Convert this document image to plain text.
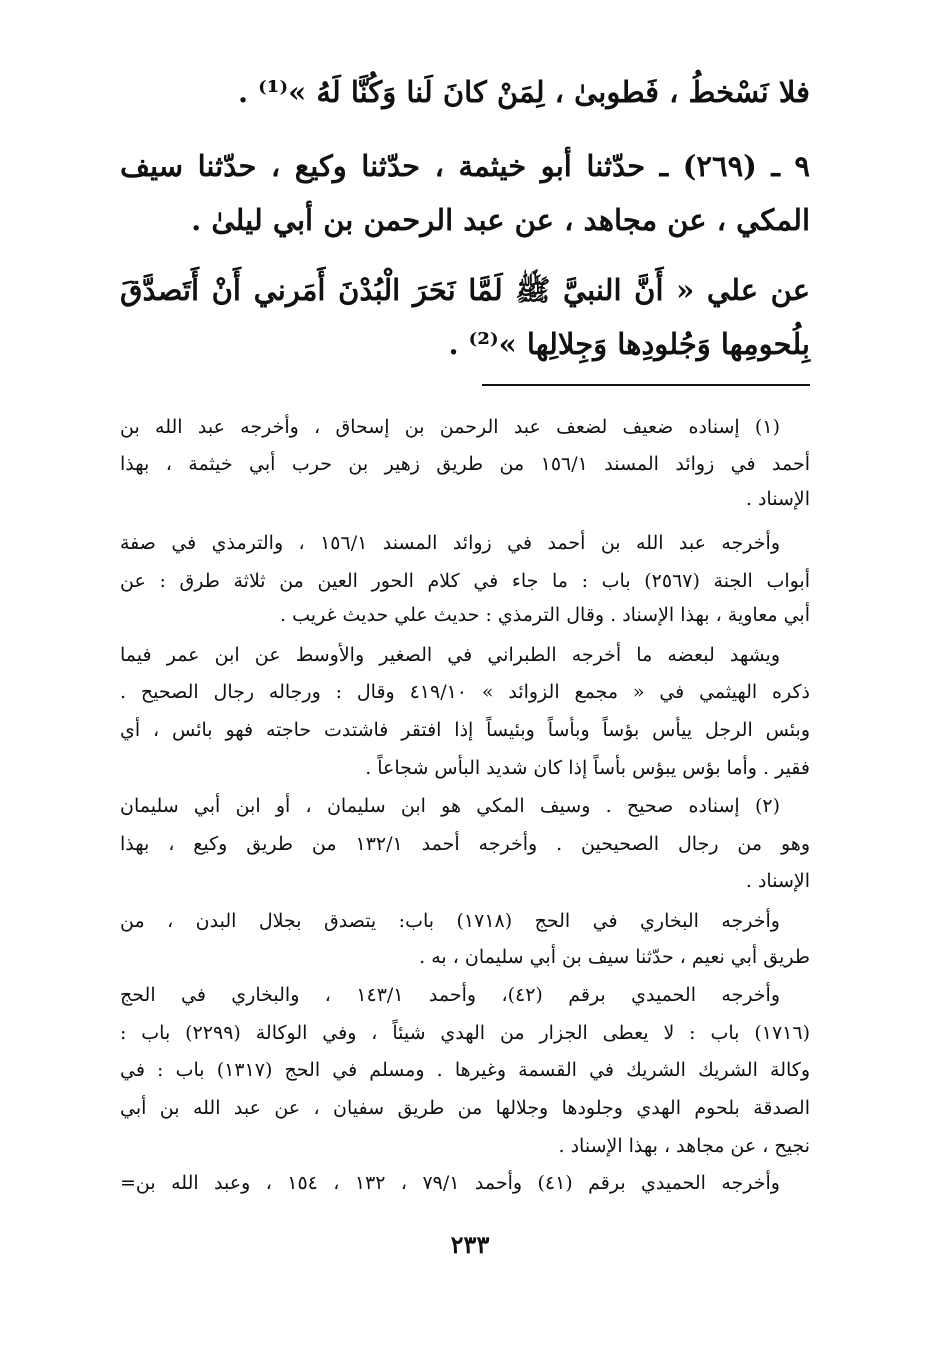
فلا نَسْخطُ ، فَطوبىٰ ، لِمَنْ كانَ لَنا وَكُنَّا لَهُ »⁽¹⁾ .
٩ ـ (٢٦٩) ـ حدّثنا أبو خيثمة ، حدّثنا وكيع ، حدّثنا سيف
المكي ، عن مجاهد ، عن عبد الرحمن بن أبي ليلىٰ .
عن علي « أَنَّ النبيَّ ﷺ لَمَّا نَحَرَ الْبُدْنَ أَمَرني أَنْ أَتَصدَّقَ
بِلُحومِها وَجُلودِها وَجِلالِها »⁽²⁾ .
(١) إسناده ضعيف لضعف عبد الرحمن بن إسحاق ، وأخرجه عبد الله بن
أحمد في زوائد المسند ١٥٦/١ من طريق زهير بن حرب أبي خيثمة ، بهذا
الإسناد .
وأخرجه عبد الله بن أحمد في زوائد المسند ١٥٦/١ ، والترمذي في صفة
أبواب الجنة (٢٥٦٧) باب : ما جاء في كلام الحور العين من ثلاثة طرق : عن
أبي معاوية ، بهذا الإسناد . وقال الترمذي : حديث علي حديث غريب .
ويشهد لبعضه ما أخرجه الطبراني في الصغير والأوسط عن ابن عمر فيما
ذكره الهيثمي في « مجمع الزوائد » ٤١٩/١٠ وقال : ورجاله رجال الصحيح .
وبئس الرجل ييأس بؤساً وبأساً وبئيساً إذا افتقر فاشتدت حاجته فهو بائس ، أي
فقير . وأما بؤس يبؤس بأساً إذا كان شديد البأس شجاعاً .
(٢) إسناده صحيح . وسيف المكي هو ابن سليمان ، أو ابن أبي سليمان
وهو من رجال الصحيحين . وأخرجه أحمد ١٣٢/١ من طريق وكيع ، بهذا
الإسناد .
وأخرجه البخاري في الحج (١٧١٨) باب: يتصدق بجلال البدن ، من
طريق أبي نعيم ، حدّثنا سيف بن أبي سليمان ، به .
وأخرجه الحميدي برقم (٤٢)، وأحمد ١٤٣/١ ، والبخاري في الحج
(١٧١٦) باب : لا يعطى الجزار من الهدي شيئاً ، وفي الوكالة (٢٢٩٩) باب :
وكالة الشريك الشريك في القسمة وغيرها . ومسلم في الحج (١٣١٧) باب : في
الصدقة بلحوم الهدي وجلودها وجلالها من طريق سفيان ، عن عبد الله بن أبي
نجيح ، عن مجاهد ، بهذا الإسناد .
وأخرجه الحميدي برقم (٤١) وأحمد ٧٩/١ ، ١٣٢ ، ١٥٤ ، وعبد الله بن=
٢٣٣
